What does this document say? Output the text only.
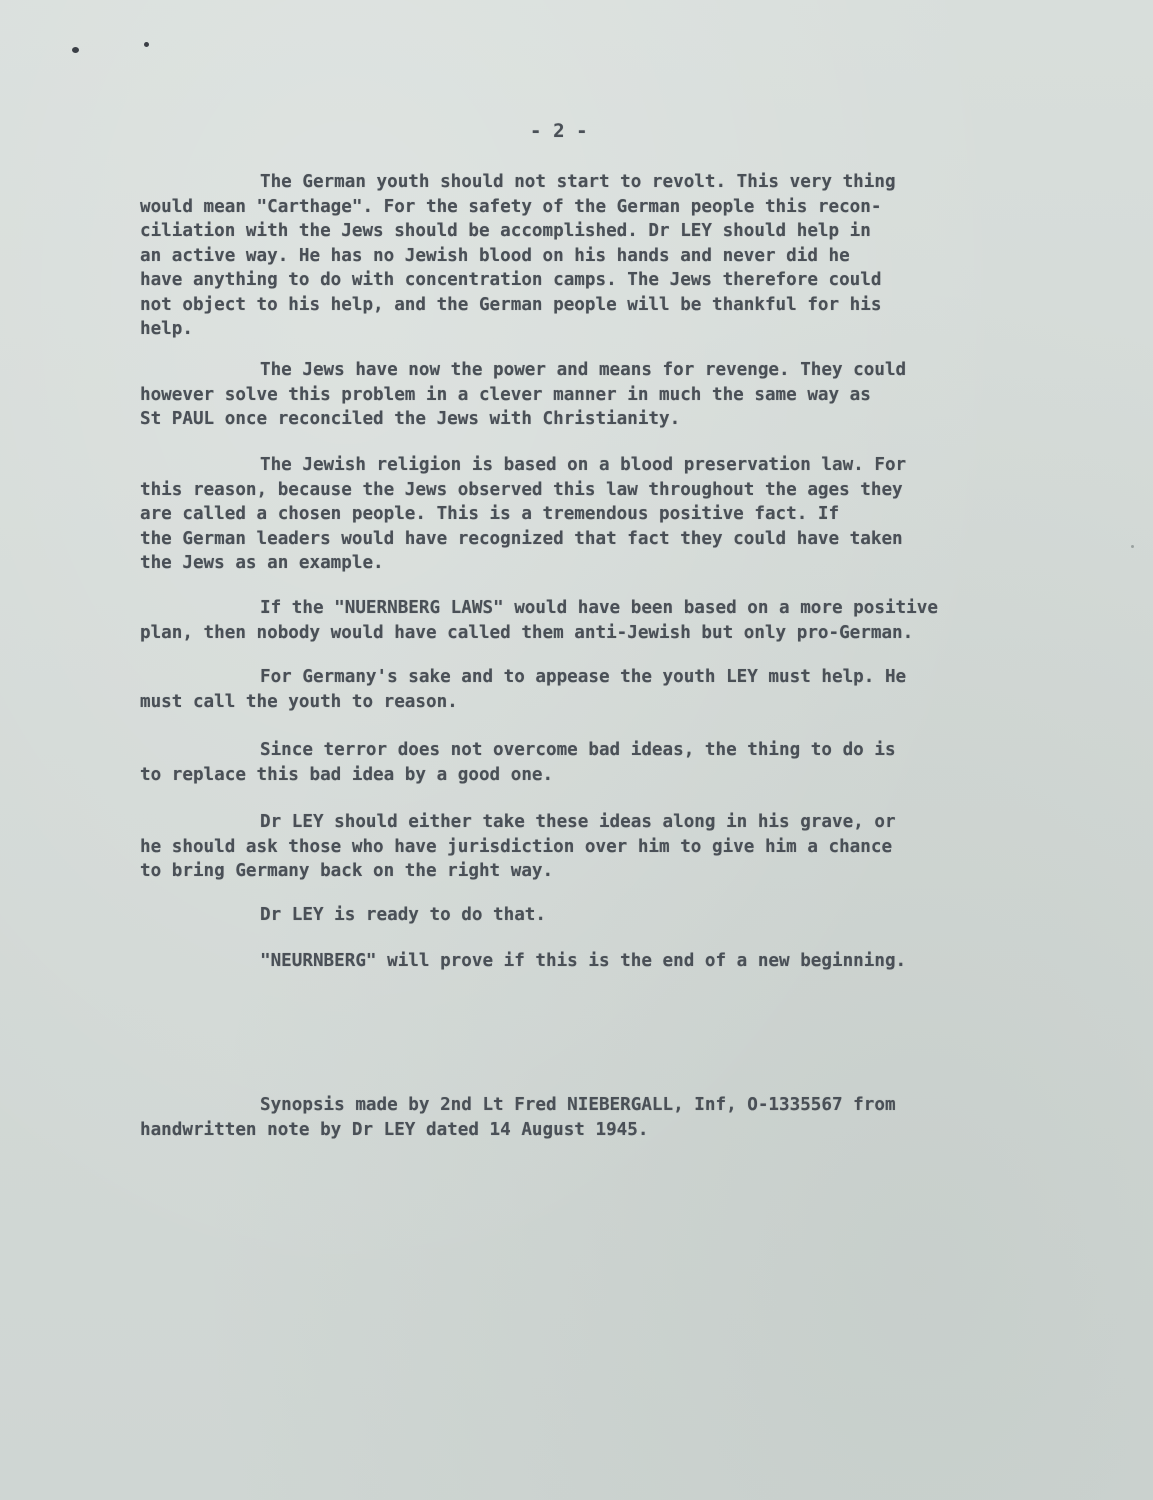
- 2 -
The German youth should not start to revolt. This very thing
would mean "Carthage". For the safety of the German people this recon-
ciliation with the Jews should be accomplished. Dr LEY should help in
an active way. He has no Jewish blood on his hands and never did he
have anything to do with concentration camps. The Jews therefore could
not object to his help, and the German people will be thankful for his
help.
The Jews have now the power and means for revenge. They could
however solve this problem in a clever manner in much the same way as
St PAUL once reconciled the Jews with Christianity.
The Jewish religion is based on a blood preservation law. For
this reason, because the Jews observed this law throughout the ages they
are called a chosen people. This is a tremendous positive fact. If
the German leaders would have recognized that fact they could have taken
the Jews as an example.
If the "NUERNBERG LAWS" would have been based on a more positive
plan, then nobody would have called them anti-Jewish but only pro-German.
For Germany's sake and to appease the youth LEY must help. He
must call the youth to reason.
Since terror does not overcome bad ideas, the thing to do is
to replace this bad idea by a good one.
Dr LEY should either take these ideas along in his grave, or
he should ask those who have jurisdiction over him to give him a chance
to bring Germany back on the right way.
Dr LEY is ready to do that.
"NEURNBERG" will prove if this is the end of a new beginning.
Synopsis made by 2nd Lt Fred NIEBERGALL, Inf, O-1335567 from
handwritten note by Dr LEY dated 14 August 1945.
